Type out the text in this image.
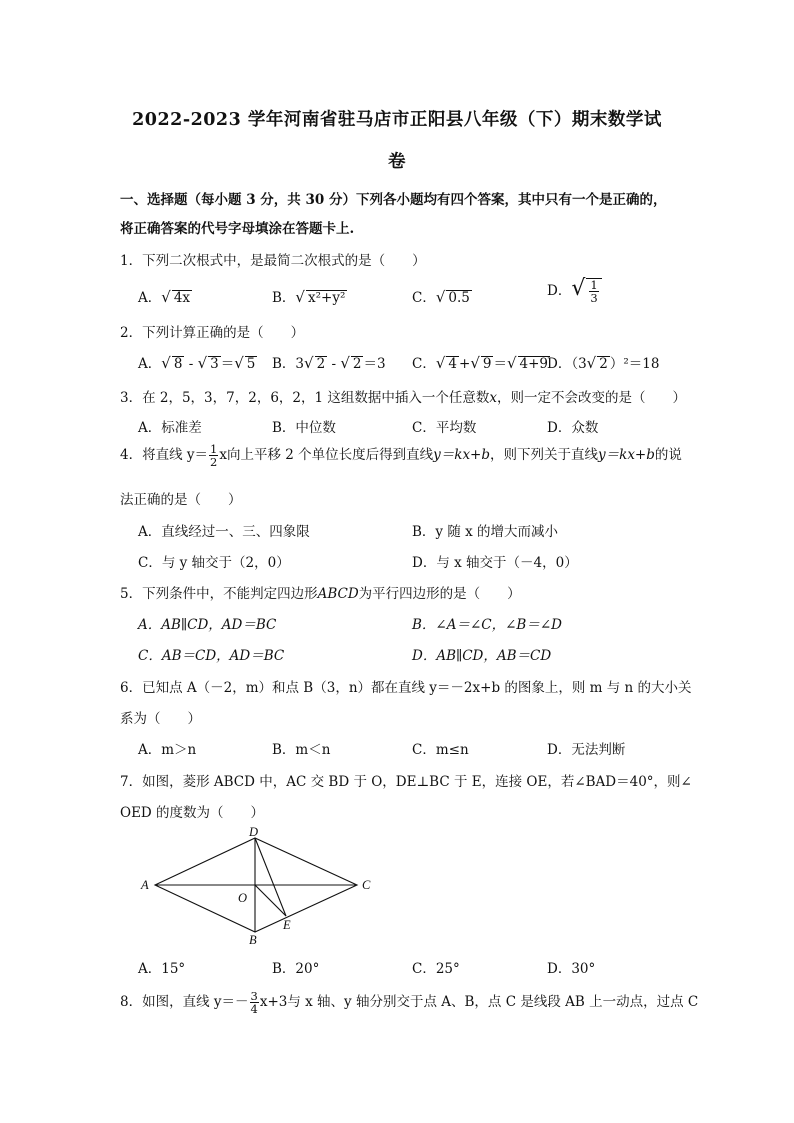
2022-2023 学年河南省驻马店市正阳县八年级（下）期末数学试
卷
一、选择题（每小题 3 分，共 30 分）下列各小题均有四个答案，其中只有一个是正确的，
将正确答案的代号字母填涂在答题卡上.
1．下列二次根式中，是最简二次根式的是（　　）
A．√ 4x	B．√ x²+y²	C．√ 0.5	D．√ $\frac{1}{3}$
2．下列计算正确的是（　　）
A．√ 8 - √ 3 ＝√ 5 B．3√ 2 - √ 2 ＝3 C．√ 4 +√ 9 ＝√ 4+9
D．（3√ 2 ）²＝18
3．在 2，5，3，7，2，6，2，1 这组数据中插入一个任意数x，则一定不会改变的是（　　）
A．标准差	B．中位数	C．平均数	D．众数
4．将直线 $y= \frac{1}{2}$ x向上平移 2 个单位长度后得到直线y＝kx+b，则下列关于直线y＝kx+b的说
法正确的是（　　）
A．直线经过一、三、四象限	B．y 随 x 的增大而减小
C．与 y 轴交于（2，0）	D．与 x 轴交于（－4，0）
5．下列条件中，不能判定四边形ABCD为平行四边形的是（　　）
A．AB∥CD，AD＝BC	B．∠A＝∠C，∠B＝∠D
C．AB＝CD，AD＝BC	D．AB∥CD，AB＝CD
6．已知点 A（－2，m）和点 B（3，n）都在直线 y＝－2x+b 的图象上，则 m 与 n 的大小关
系为（　　）
A．m＞n	B．m＜n	C．m≤n	D．无法判断
7．如图，菱形 ABCD 中，AC 交 BD 于 O，DE⊥BC 于 E，连接 OE，若∠BAD＝40°，则∠
OED 的度数为（　　）
A
D
C
B
O
E
A．15°	B．20°	C．25°	D．30°
8．如图，直线 $y=- \frac{3}{4} x+3$与 x 轴、y 轴分别交于点 A、B，点 C 是线段 AB 上一动点，过点 C
